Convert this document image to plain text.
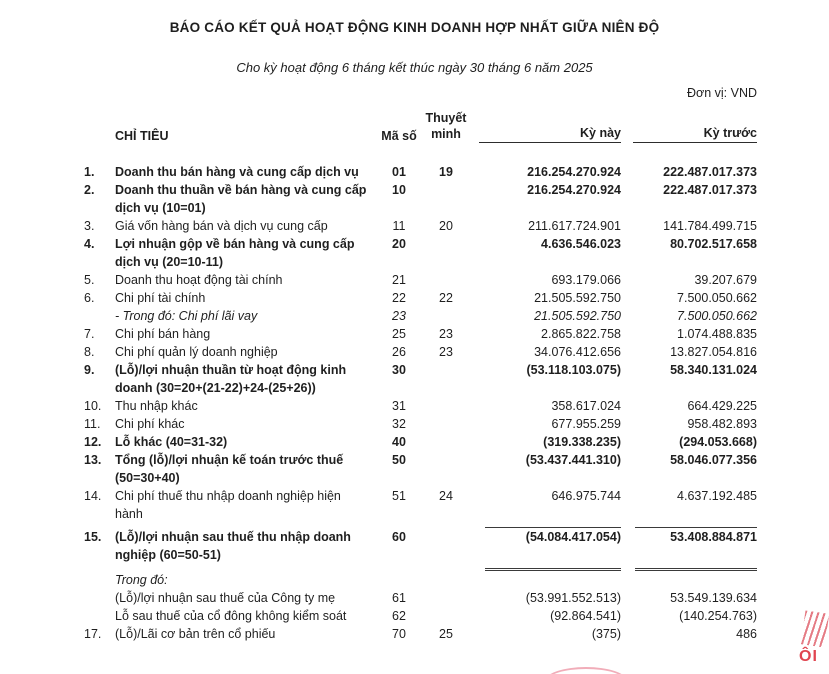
BÁO CÁO KẾT QUẢ HOẠT ĐỘNG KINH DOANH HỢP NHẤT GIỮA NIÊN ĐỘ
Cho kỳ hoạt động 6 tháng kết thúc ngày 30 tháng 6 năm 2025
Đơn vị: VND
	CHỈ TIÊU	Mã số	Thuyết minh	Kỳ này	Kỳ trước

1.	Doanh thu bán hàng và cung cấp dịch vụ	01	19	216.254.270.924	222.487.017.373
2.	Doanh thu thuần về bán hàng và cung cấp dịch vụ (10=01)	10		216.254.270.924	222.487.017.373
3.	Giá vốn hàng bán và dịch vụ cung cấp	11	20	211.617.724.901	141.784.499.715
4.	Lợi nhuận gộp về bán hàng và cung cấp dịch vụ (20=10-11)	20		4.636.546.023	80.702.517.658
5.	Doanh thu hoạt động tài chính	21		693.179.066	39.207.679
6.	Chi phí tài chính	22	22	21.505.592.750	7.500.050.662
	- Trong đó: Chi phí lãi vay	23		21.505.592.750	7.500.050.662
7.	Chi phí bán hàng	25	23	2.865.822.758	1.074.488.835
8.	Chi phí quản lý doanh nghiệp	26	23	34.076.412.656	13.827.054.816
9.	(Lỗ)/lợi nhuận thuần từ hoạt động kinh doanh (30=20+(21-22)+24-(25+26))	30		(53.118.103.075)	58.340.131.024
10.	Thu nhập khác	31		358.617.024	664.429.225
11.	Chi phí khác	32		677.955.259	958.482.893
12.	Lỗ khác (40=31-32)	40		(319.338.235)	(294.053.668)
13.	Tổng (lỗ)/lợi nhuận kế toán trước thuế (50=30+40)	50		(53.437.441.310)	58.046.077.356
14.	Chi phí thuế thu nhập doanh nghiệp hiện hành	51	24	646.975.744	4.637.192.485

15.	(Lỗ)/lợi nhuận sau thuế thu nhập doanh nghiệp (60=50-51)	60		(54.084.417.054)	53.408.884.871

	Trong đó:				
	(Lỗ)/lợi nhuận sau thuế của Công ty mẹ	61		(53.991.552.513)	53.549.139.634
	Lỗ sau thuế của cổ đông không kiểm soát	62		(92.864.541)	(140.254.763)
17.	(Lỗ)/Lãi cơ bản trên cổ phiếu	70	25	(375)	486
ÔI
